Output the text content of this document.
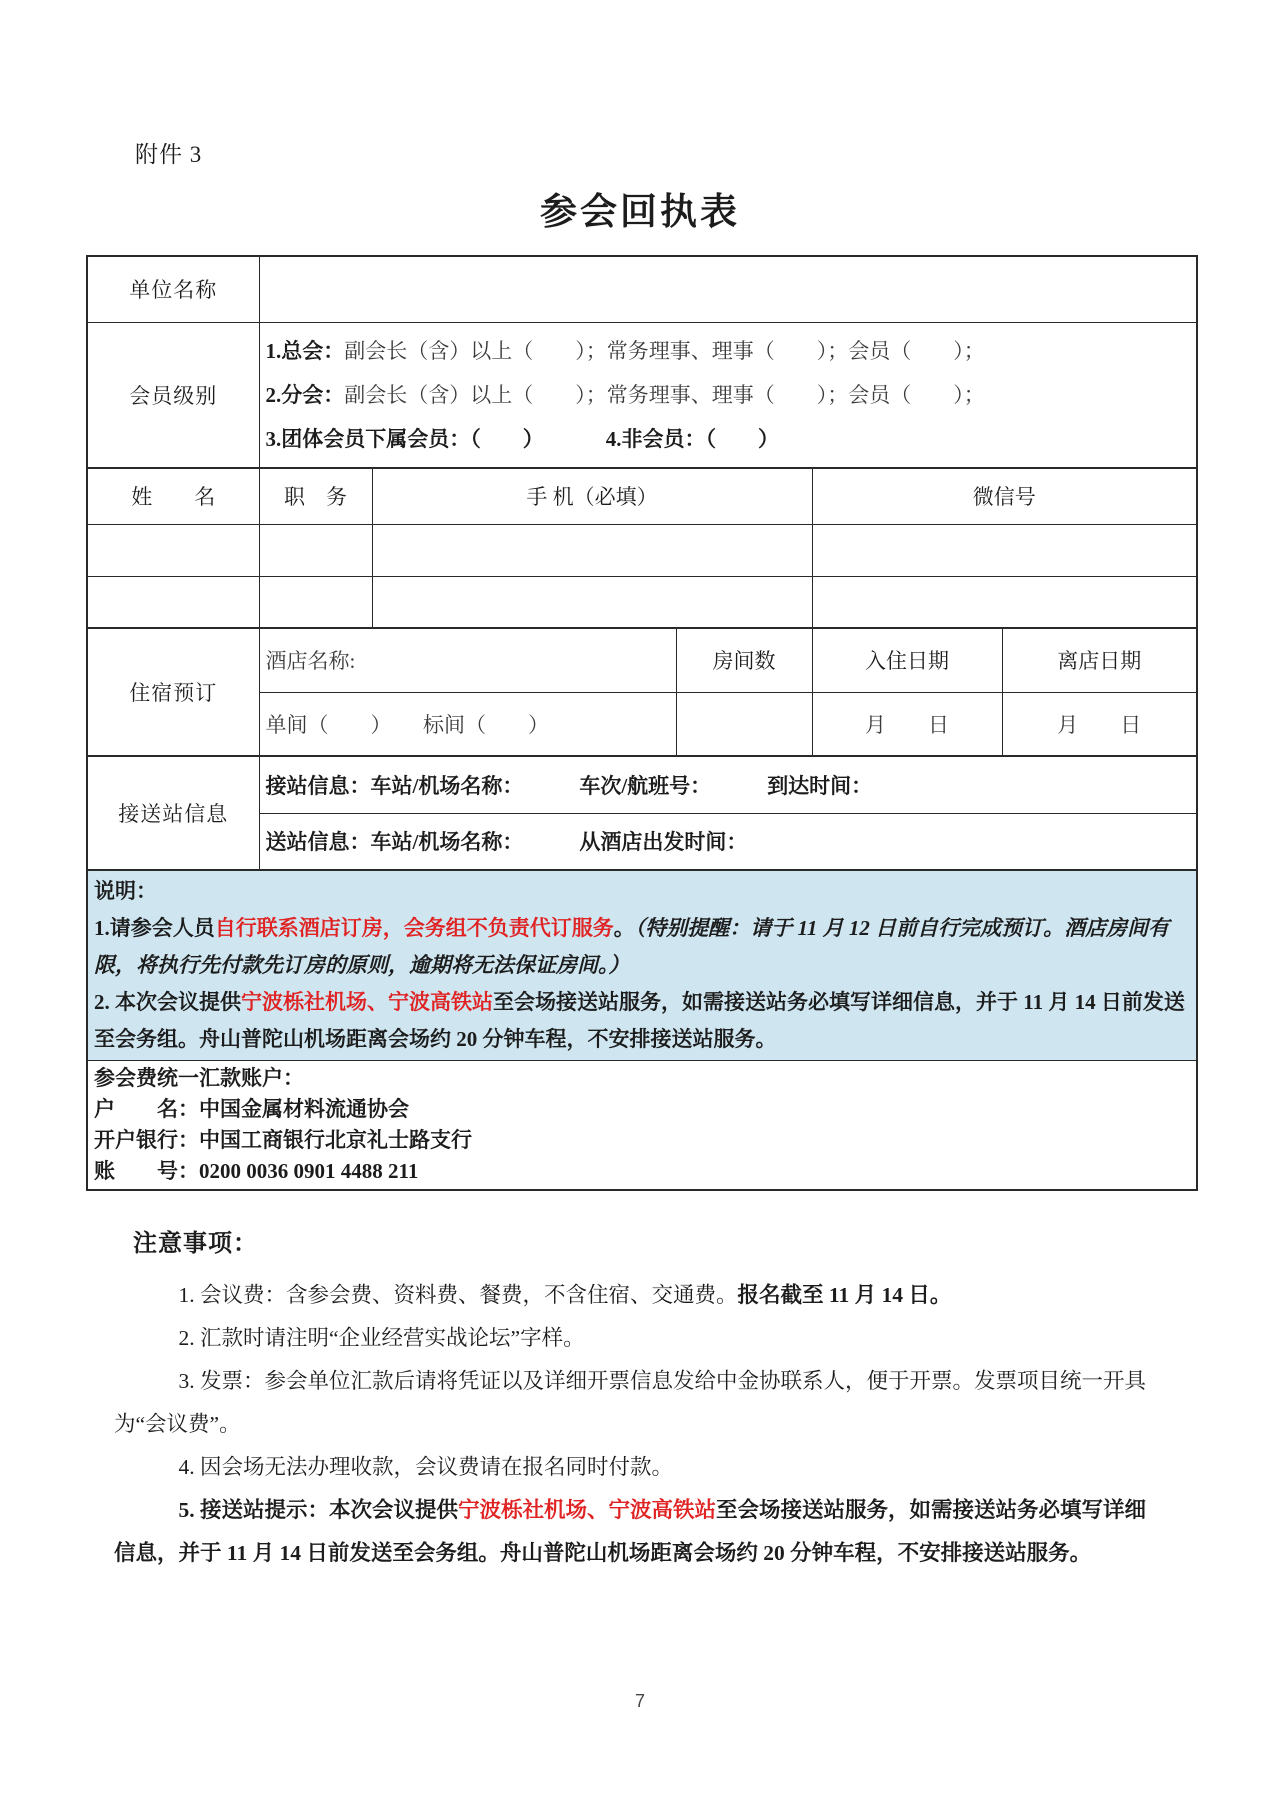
附件 3
参会回执表
单位名称					
会员级别	1.总会：副会长（含）以上（　　）；常务理事、理事（　　）；会员（　　）；
2.分会：副会长（含）以上（　　）；常务理事、理事（　　）；会员（　　）；
3.团体会员下属会员：（　　） 4.非会员：（　　）				

姓　　名	职　务	手 机（必填）		微信号	

住宿预订	酒店名称:		房间数	入住日期	离店日期
	单间（　　）　　标间（　　）			月　　日	月　　日
接送站信息	接站信息：车站/机场名称： 车次/航班号： 到达时间：				
	送站信息：车站/机场名称： 从酒店出发时间：				

说明：

1.请参会人员自行联系酒店订房，会务组不负责代订服务。（特别提醒：请于 11 月 12 日前自行完成预订。酒店房间有限，将执行先付款先订房的原则，逾期将无法保证房间。）

2. 本次会议提供宁波栎社机场、宁波高铁站至会场接送站服务，如需接送站务必填写详细信息，并于 11 月 14 日前发送至会务组。舟山普陀山机场距离会场约 20 分钟车程，不安排接送站服务。					

参会费统一汇款账户：
户　　名：中国金属材料流通协会
开户银行：中国工商银行北京礼士路支行
账　　号：0200 0036 0901 4488 211					
注意事项：

1. 会议费：含参会费、资料费、餐费，不含住宿、交通费。报名截至 11 月 14 日。

2. 汇款时请注明“企业经营实战论坛”字样。

3. 发票：参会单位汇款后请将凭证以及详细开票信息发给中金协联系人，便于开票。发票项目统一开具为“会议费”。

4. 因会场无法办理收款，会议费请在报名同时付款。

5. 接送站提示：本次会议提供宁波栎社机场、宁波高铁站至会场接送站服务，如需接送站务必填写详细信息，并于 11 月 14 日前发送至会务组。舟山普陀山机场距离会场约 20 分钟车程，不安排接送站服务。

7
